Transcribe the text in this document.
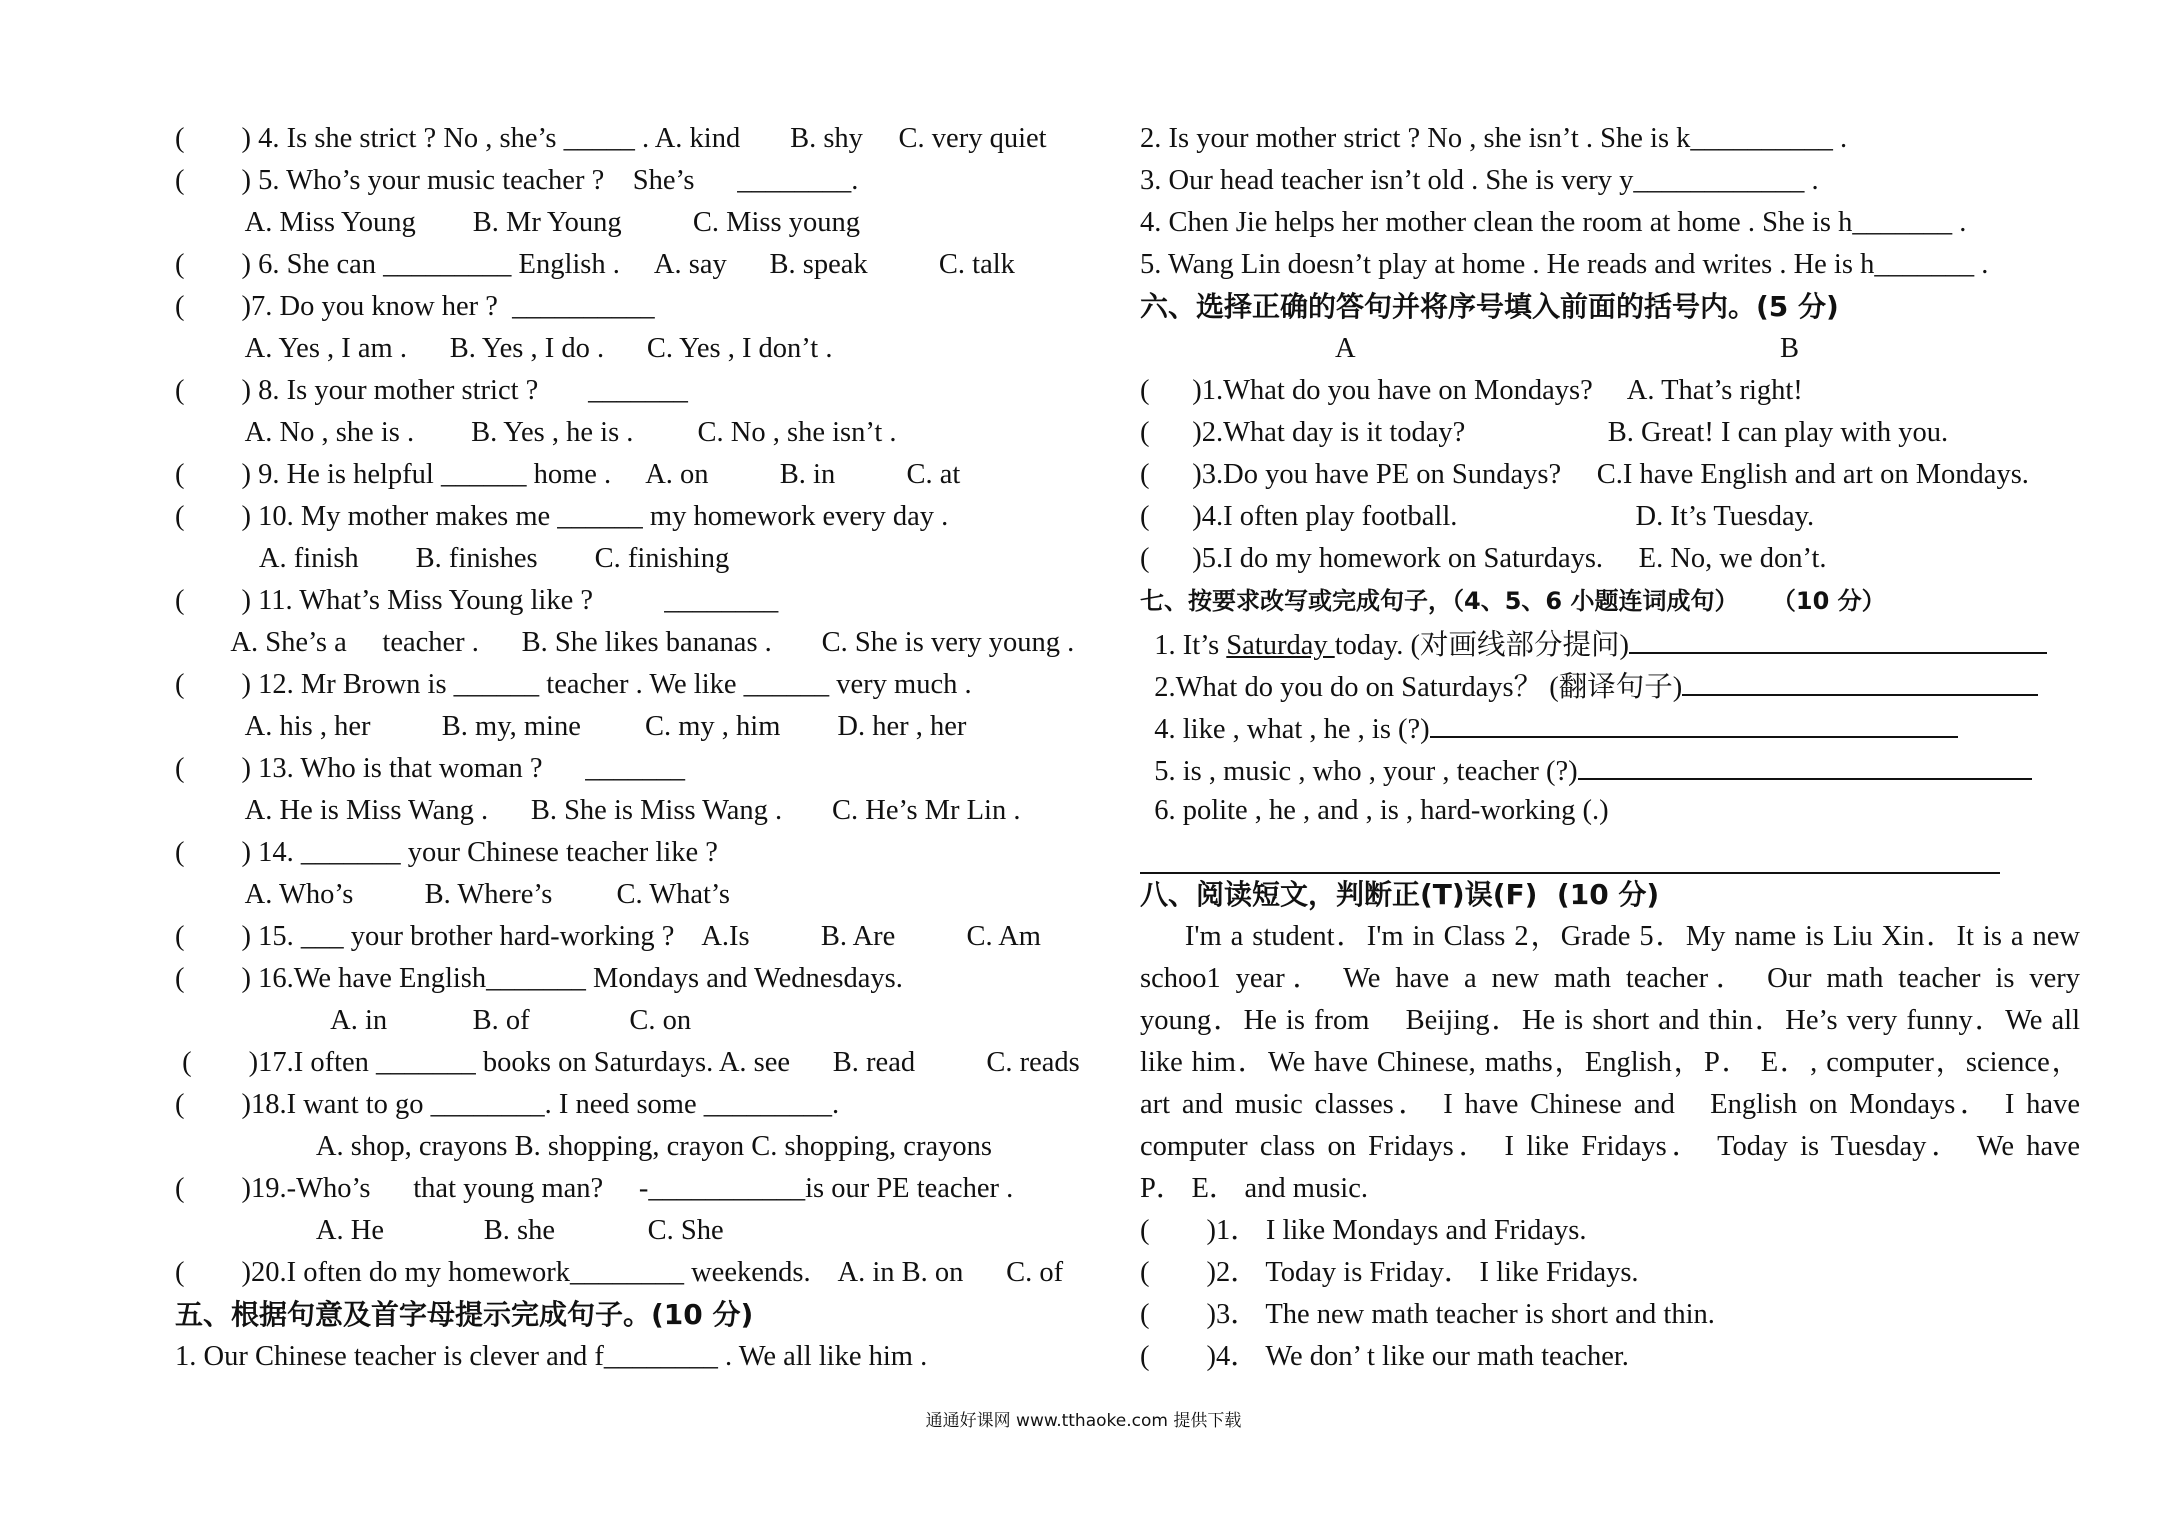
(        ) 4. Is she strict ? No , she’s _____ . A. kind       B. shy     C. very quiet
(        ) 5. Who’s your music teacher ?    She’s      ________.
A. Miss Young        B. Mr Young          C. Miss young
(        ) 6. She can _________ English .     A. say      B. speak          C. talk
(        )7. Do you know her ?  __________
A. Yes , I am .      B. Yes , I do .      C. Yes , I don’t .
(        ) 8. Is your mother strict ?       _______
A. No , she is .        B. Yes , he is .         C. No , she isn’t .
(        ) 9. He is helpful ______ home .     A. on          B. in          C. at
(        ) 10. My mother makes me ______ my homework every day .
A. finish        B. finishes        C. finishing
(        ) 11. What’s Miss Young like ?          ________
A. She’s a     teacher .      B. She likes bananas .       C. She is very young .
(        ) 12. Mr Brown is ______ teacher . We like ______ very much .
A. his , her          B. my, mine         C. my , him        D. her , her
(        ) 13. Who is that woman ?      _______
A. He is Miss Wang .      B. She is Miss Wang .       C. He’s Mr Lin .
(        ) 14. _______ your Chinese teacher like ?
A. Who’s          B. Where’s         C. What’s
(        ) 15. ___ your brother hard-working ?    A.Is          B. Are          C. Am
(        ) 16.We have English_______ Mondays and Wednesdays.
A. in            B. of              C. on
(        )17.I often _______ books on Saturdays. A. see      B. read          C. reads
(        )18.I want to go ________. I need some _________.
A. shop, crayons B. shopping, crayon C. shopping, crayons
(        )19.-Who’s      that young man?     -___________is our PE teacher .
A. He              B. she             C. She
(        )20.I often do my homework________ weekends.    A. in B. on      C. of
五、根据句意及首字母提示完成句子。(10 分)
1. Our Chinese teacher is clever and f________ . We all like him .
2. Is your mother strict ? No , she isn’t . She is k__________ .
3. Our head teacher isn’t old . She is very y____________ .
4. Chen Jie helps her mother clean the room at home . She is h_______ .
5. Wang Lin doesn’t play at home . He reads and writes . He is h_______ .
六、选择正确的答句并将序号填入前面的括号内。(5 分)

A

	B

(      )1.What do you have on Mondays?     A. That’s right!
(      )2.What day is it today?                    B. Great! I can play with you.
(      )3.Do you have PE on Sundays?     C.I have English and art on Mondays.
(      )4.I often play football.                         D. It’s Tuesday.
(      )5.I do my homework on Saturdays.     E. No, we don’t.
七、按要求改写或完成句子，（4、5、6 小题连词成句）    （10 分）
1. It’s Saturday today. (对画线部分提问)
2.What do you do on Saturdays？ (翻译句子)
4. like , what , he , is (?)
5. is , music , who , your , teacher (?)
6. polite , he , and , is , hard-working (.)
八、阅读短文，判断正(T)误(F)  (10 分)
I'm a student．I'm in Class 2，Grade 5．My name is Liu Xin．It is a new
schoo1 year． We have a new math teacher． Our math teacher is very
young．He is from    Beijing．He is short and thin．He’s very funny．We all
like him．We have Chinese, maths，English，P． E．, computer，science，
art and music classes． I have Chinese and   English on Mondays． I have
computer class on Fridays． I like Fridays． Today is Tuesday． We have
P． E． and music.
(        )1． I like Mondays and Fridays.
(        )2． Today is Friday． I like Fridays.
(        )3． The new math teacher is short and thin.
(        )4． We don’ t like our math teacher.
通通好课网 www.tthaoke.com 提供下载
